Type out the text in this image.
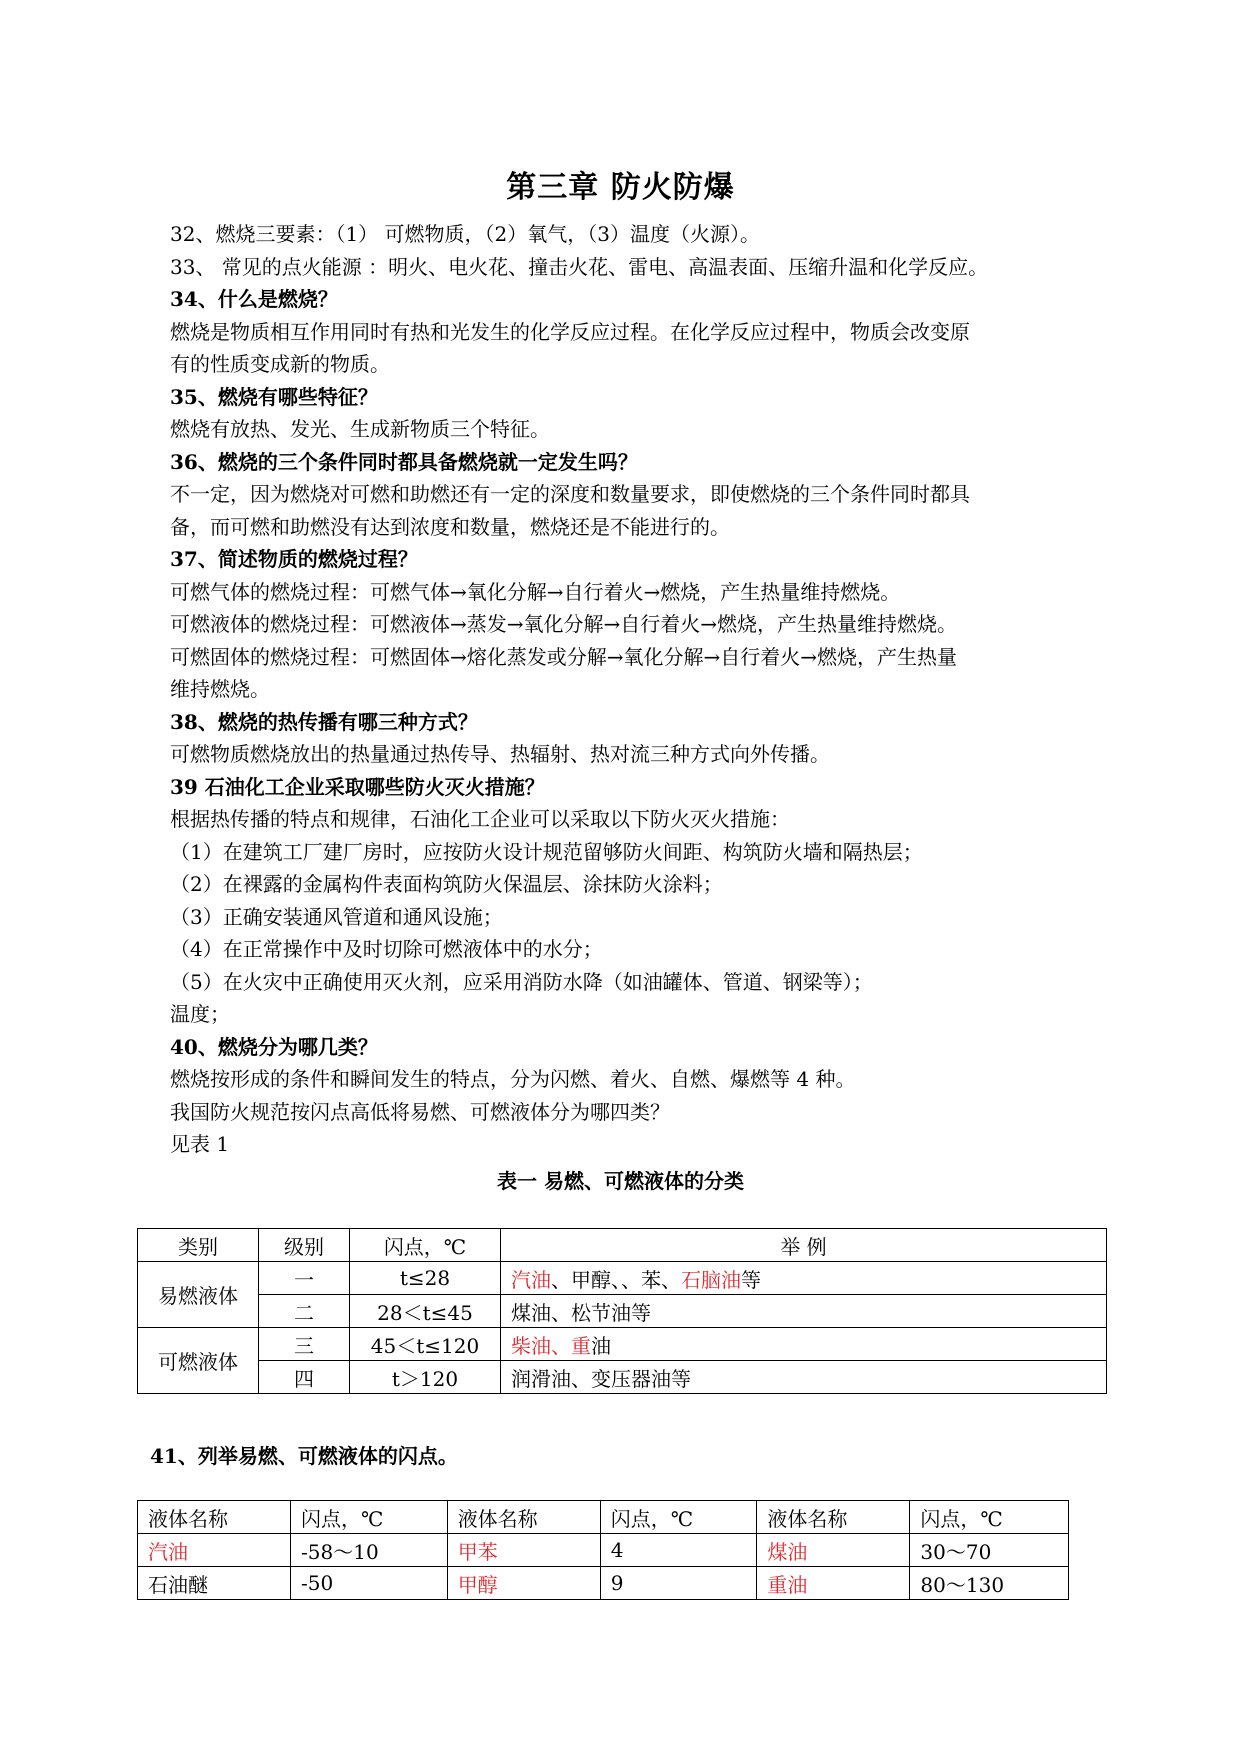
第三章 防火防爆
32、燃烧三要素：（1） 可燃物质，（2）氧气，（3）温度（火源）。
33、 常见的点火能源 ：明火、电火花、撞击火花、雷电、高温表面、压缩升温和化学反应。
34、什么是燃烧？
燃烧是物质相互作用同时有热和光发生的化学反应过程。在化学反应过程中，物质会改变原
有的性质变成新的物质。
35、燃烧有哪些特征？
燃烧有放热、发光、生成新物质三个特征。
36、燃烧的三个条件同时都具备燃烧就一定发生吗？
不一定，因为燃烧对可燃和助燃还有一定的深度和数量要求，即使燃烧的三个条件同时都具
备，而可燃和助燃没有达到浓度和数量，燃烧还是不能进行的。
37、简述物质的燃烧过程？
可燃气体的燃烧过程：可燃气体→氧化分解→自行着火→燃烧，产生热量维持燃烧。
可燃液体的燃烧过程：可燃液体→蒸发→氧化分解→自行着火→燃烧，产生热量维持燃烧。
可燃固体的燃烧过程：可燃固体→熔化蒸发或分解→氧化分解→自行着火→燃烧，产生热量
维持燃烧。
38、燃烧的热传播有哪三种方式？
可燃物质燃烧放出的热量通过热传导、热辐射、热对流三种方式向外传播。
39 石油化工企业采取哪些防火灭火措施？
根据热传播的特点和规律，石油化工企业可以采取以下防火灭火措施：
（1）在建筑工厂建厂房时，应按防火设计规范留够防火间距、构筑防火墙和隔热层；
（2）在裸露的金属构件表面构筑防火保温层、涂抹防火涂料；
（3）正确安装通风管道和通风设施；
（4）在正常操作中及时切除可燃液体中的水分；
（5）在火灾中正确使用灭火剂，应采用消防水降（如油罐体、管道、钢梁等）；
温度；
40、燃烧分为哪几类？
燃烧按形成的条件和瞬间发生的特点，分为闪燃、着火、自燃、爆燃等 4 种。
我国防火规范按闪点高低将易燃、可燃液体分为哪四类？
见表 1
表一 易燃、可燃液体的分类
类别	级别	闪点，℃	举 例
易燃液体	一	t≤28	汽油、甲醇、、苯、石脑油等
	二	28＜t≤45	煤油、松节油等
可燃液体	三	45＜t≤120	柴油、重油
	四	t＞120	润滑油、变压器油等
41、列举易燃、可燃液体的闪点。
液体名称	闪点，℃	液体名称	闪点，℃	液体名称	闪点，℃
汽油	-58～10	甲苯	4	煤油	30～70
石油醚	-50	甲醇	9	重油	80～130
